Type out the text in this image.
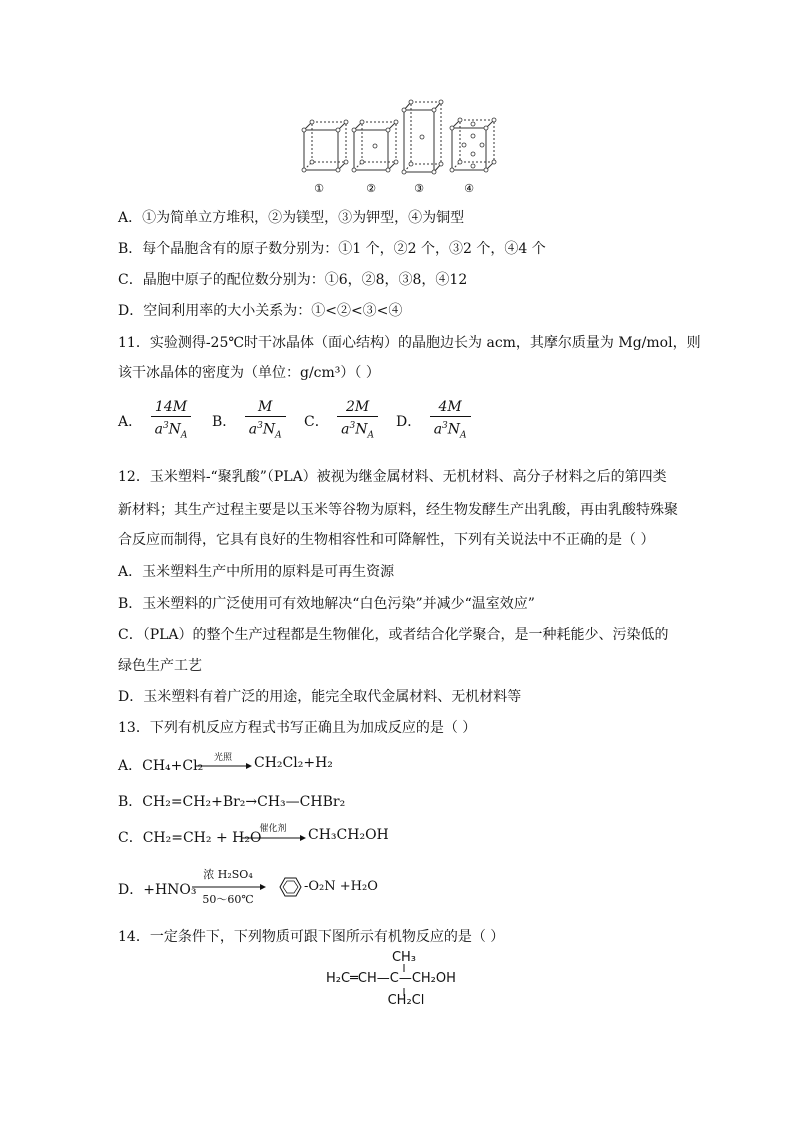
①	②	③	④
A．①为简单立方堆积，②为镁型，③为钾型，④为铜型
B．每个晶胞含有的原子数分别为：①1 个，②2 个，③2 个，④4 个
C．晶胞中原子的配位数分别为：①6，②8，③8，④12
D．空间利用率的大小关系为：①<②<③<④
11．实验测得-25℃时干冰晶体（面心结构）的晶胞边长为 acm，其摩尔质量为 Mg/mol，则
该干冰晶体的密度为（单位：g/cm³）（ ）
A． $\frac{14M}{a^3N_A}$ B． $\frac{M}{a^3N_A}$ C． $\frac{2M}{a^3N_A}$ D． $\frac{4M}{a^3N_A}$
12．玉米塑料-“聚乳酸”（PLA）被视为继金属材料、无机材料、高分子材料之后的第四类
新材料；其生产过程主要是以玉米等谷物为原料，经生物发酵生产出乳酸，再由乳酸特殊聚
合反应而制得，它具有良好的生物相容性和可降解性，下列有关说法中不正确的是（ ）
A．玉米塑料生产中所用的原料是可再生资源
B．玉米塑料的广泛使用可有效地解决“白色污染”并减少“温室效应”
C．（PLA）的整个生产过程都是生物催化，或者结合化学聚合，是一种耗能少、污染低的
绿色生产工艺
D．玉米塑料有着广泛的用途，能完全取代金属材料、无机材料等
13．下列有机反应方程式书写正确且为加成反应的是（ ）
A．CH₄+Cl₂	光照 → CH₂Cl₂+H₂
B．CH₂=CH₂+Br₂→CH₃—CHBr₂
C．CH₂=CH₂ + H₂O
催化剂	CH₃CH₂OH
D．+HNO₃
浓 H₂SO₄
50～60℃
-O₂N +H₂O
14．一定条件下，下列物质可跟下图所示有机物反应的是（ ）
CH₃
H₂C═CH—C—CH₂OH
CH₂Cl
